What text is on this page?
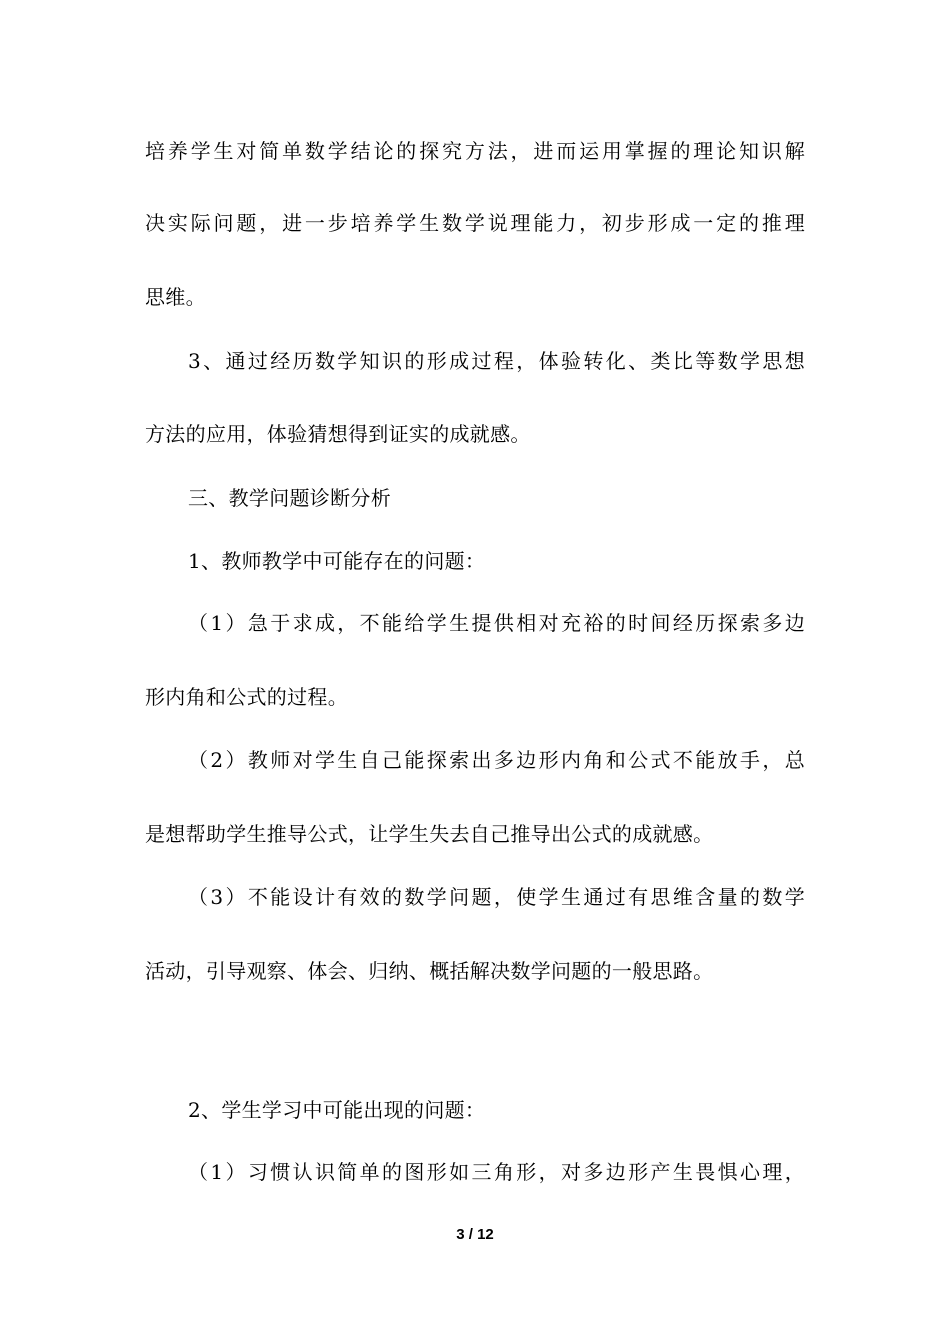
培养学生对简单数学结论的探究方法，进而运用掌握的理论知识解
决实际问题，进一步培养学生数学说理能力，初步形成一定的推理
思维。
3、通过经历数学知识的形成过程，体验转化、类比等数学思想
方法的应用，体验猜想得到证实的成就感。
三、教学问题诊断分析
1、教师教学中可能存在的问题：
（1）急于求成，不能给学生提供相对充裕的时间经历探索多边
形内角和公式的过程。
（2）教师对学生自己能探索出多边形内角和公式不能放手，总
是想帮助学生推导公式，让学生失去自己推导出公式的成就感。
（3）不能设计有效的数学问题，使学生通过有思维含量的数学
活动，引导观察、体会、归纳、概括解决数学问题的一般思路。
2、学生学习中可能出现的问题：
（1）习惯认识简单的图形如三角形，对多边形产生畏惧心理，
3 / 12
